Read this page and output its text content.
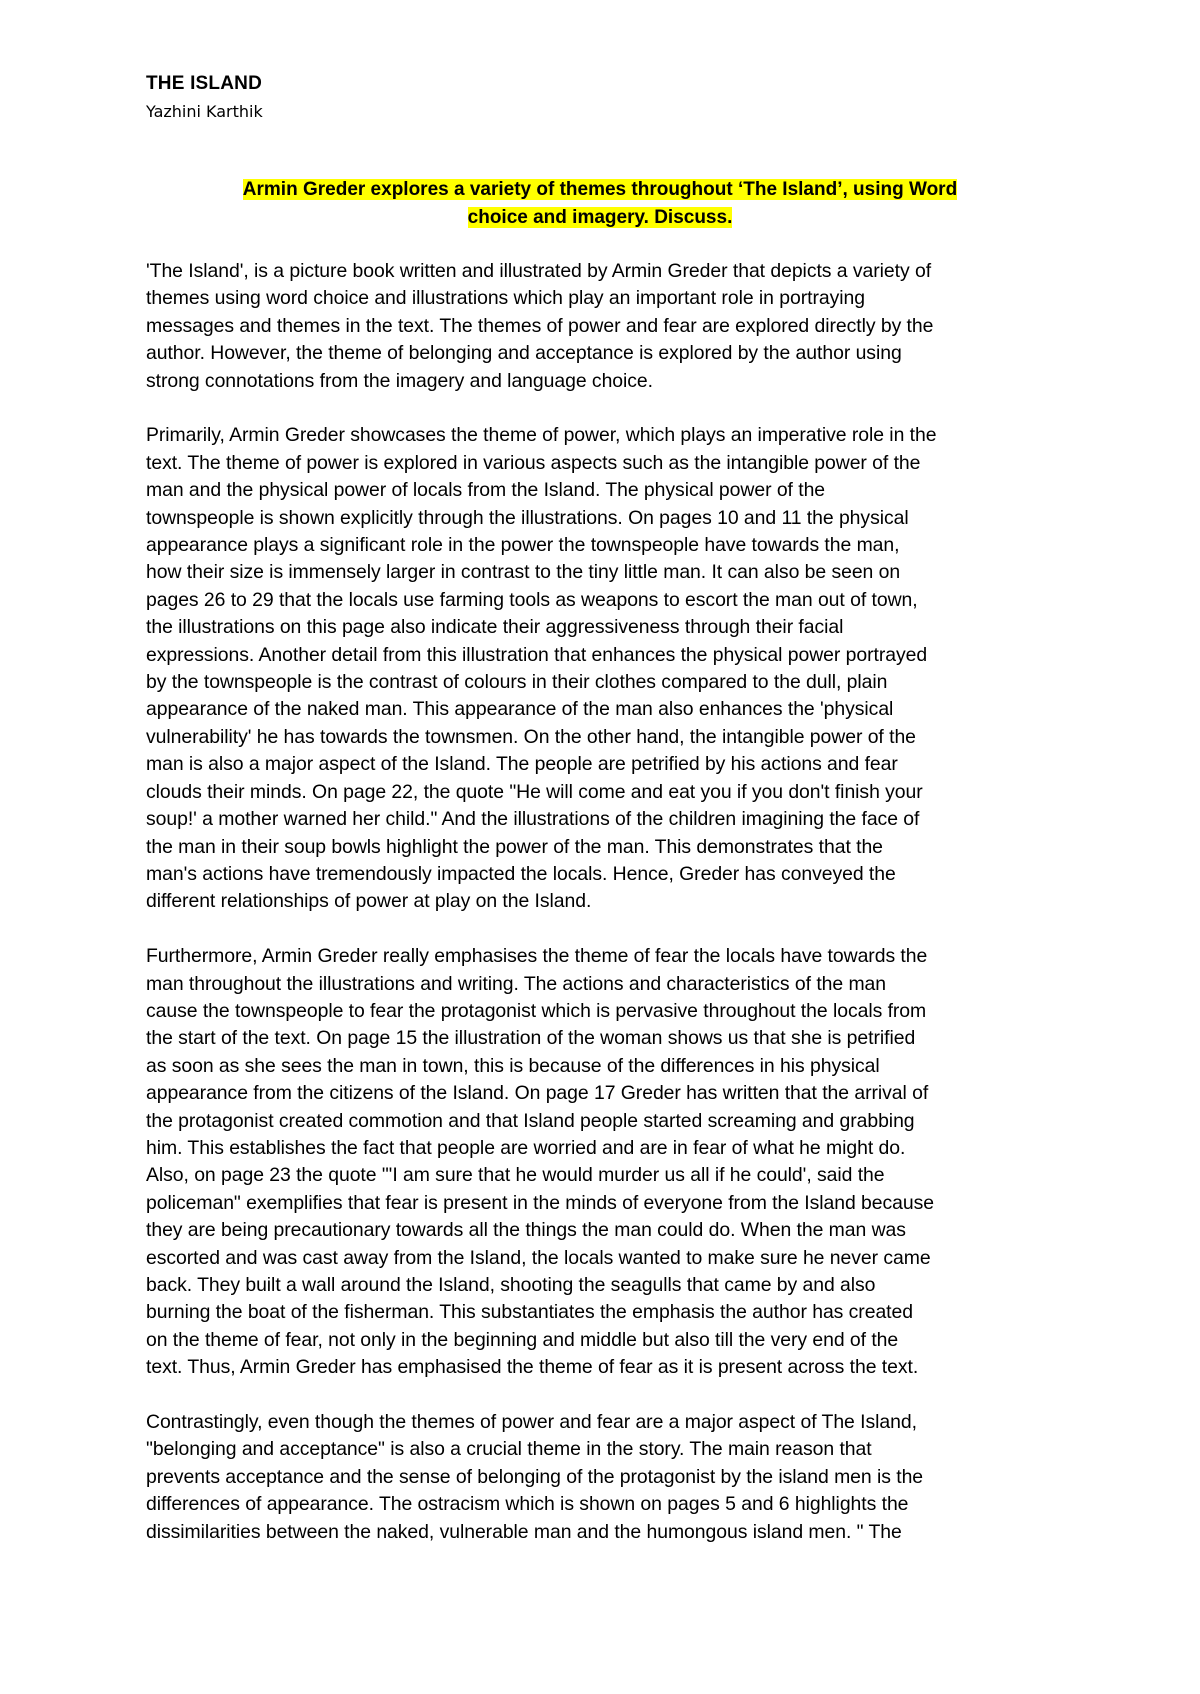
THE ISLAND
Yazhini Karthik
Armin Greder explores a variety of themes throughout ‘The Island’, using Word
choice and imagery. Discuss.

'The Island', is a picture book written and illustrated by Armin Greder that depicts a variety of
themes using word choice and illustrations which play an important role in portraying
messages and themes in the text. The themes of power and fear are explored directly by the
author. However, the theme of belonging and acceptance is explored by the author using
strong connotations from the imagery and language choice.

Primarily, Armin Greder showcases the theme of power, which plays an imperative role in the
text. The theme of power is explored in various aspects such as the intangible power of the
man and the physical power of locals from the Island. The physical power of the
townspeople is shown explicitly through the illustrations. On pages 10 and 11 the physical
appearance plays a significant role in the power the townspeople have towards the man,
how their size is immensely larger in contrast to the tiny little man. It can also be seen on
pages 26 to 29 that the locals use farming tools as weapons to escort the man out of town,
the illustrations on this page also indicate their aggressiveness through their facial
expressions. Another detail from this illustration that enhances the physical power portrayed
by the townspeople is the contrast of colours in their clothes compared to the dull, plain
appearance of the naked man. This appearance of the man also enhances the 'physical
vulnerability' he has towards the townsmen. On the other hand, the intangible power of the
man is also a major aspect of the Island. The people are petrified by his actions and fear
clouds their minds. On page 22, the quote "He will come and eat you if you don't finish your
soup!' a mother warned her child." And the illustrations of the children imagining the face of
the man in their soup bowls highlight the power of the man. This demonstrates that the
man's actions have tremendously impacted the locals. Hence, Greder has conveyed the
different relationships of power at play on the Island.

Furthermore, Armin Greder really emphasises the theme of fear the locals have towards the
man throughout the illustrations and writing. The actions and characteristics of the man
cause the townspeople to fear the protagonist which is pervasive throughout the locals from
the start of the text. On page 15 the illustration of the woman shows us that she is petrified
as soon as she sees the man in town, this is because of the differences in his physical
appearance from the citizens of the Island. On page 17 Greder has written that the arrival of
the protagonist created commotion and that Island people started screaming and grabbing
him. This establishes the fact that people are worried and are in fear of what he might do.
Also, on page 23 the quote "'I am sure that he would murder us all if he could', said the
policeman" exemplifies that fear is present in the minds of everyone from the Island because
they are being precautionary towards all the things the man could do. When the man was
escorted and was cast away from the Island, the locals wanted to make sure he never came
back. They built a wall around the Island, shooting the seagulls that came by and also
burning the boat of the fisherman. This substantiates the emphasis the author has created
on the theme of fear, not only in the beginning and middle but also till the very end of the
text. Thus, Armin Greder has emphasised the theme of fear as it is present across the text.

Contrastingly, even though the themes of power and fear are a major aspect of The Island,
"belonging and acceptance" is also a crucial theme in the story. The main reason that
prevents acceptance and the sense of belonging of the protagonist by the island men is the
differences of appearance. The ostracism which is shown on pages 5 and 6 highlights the
dissimilarities between the naked, vulnerable man and the humongous island men. " The
